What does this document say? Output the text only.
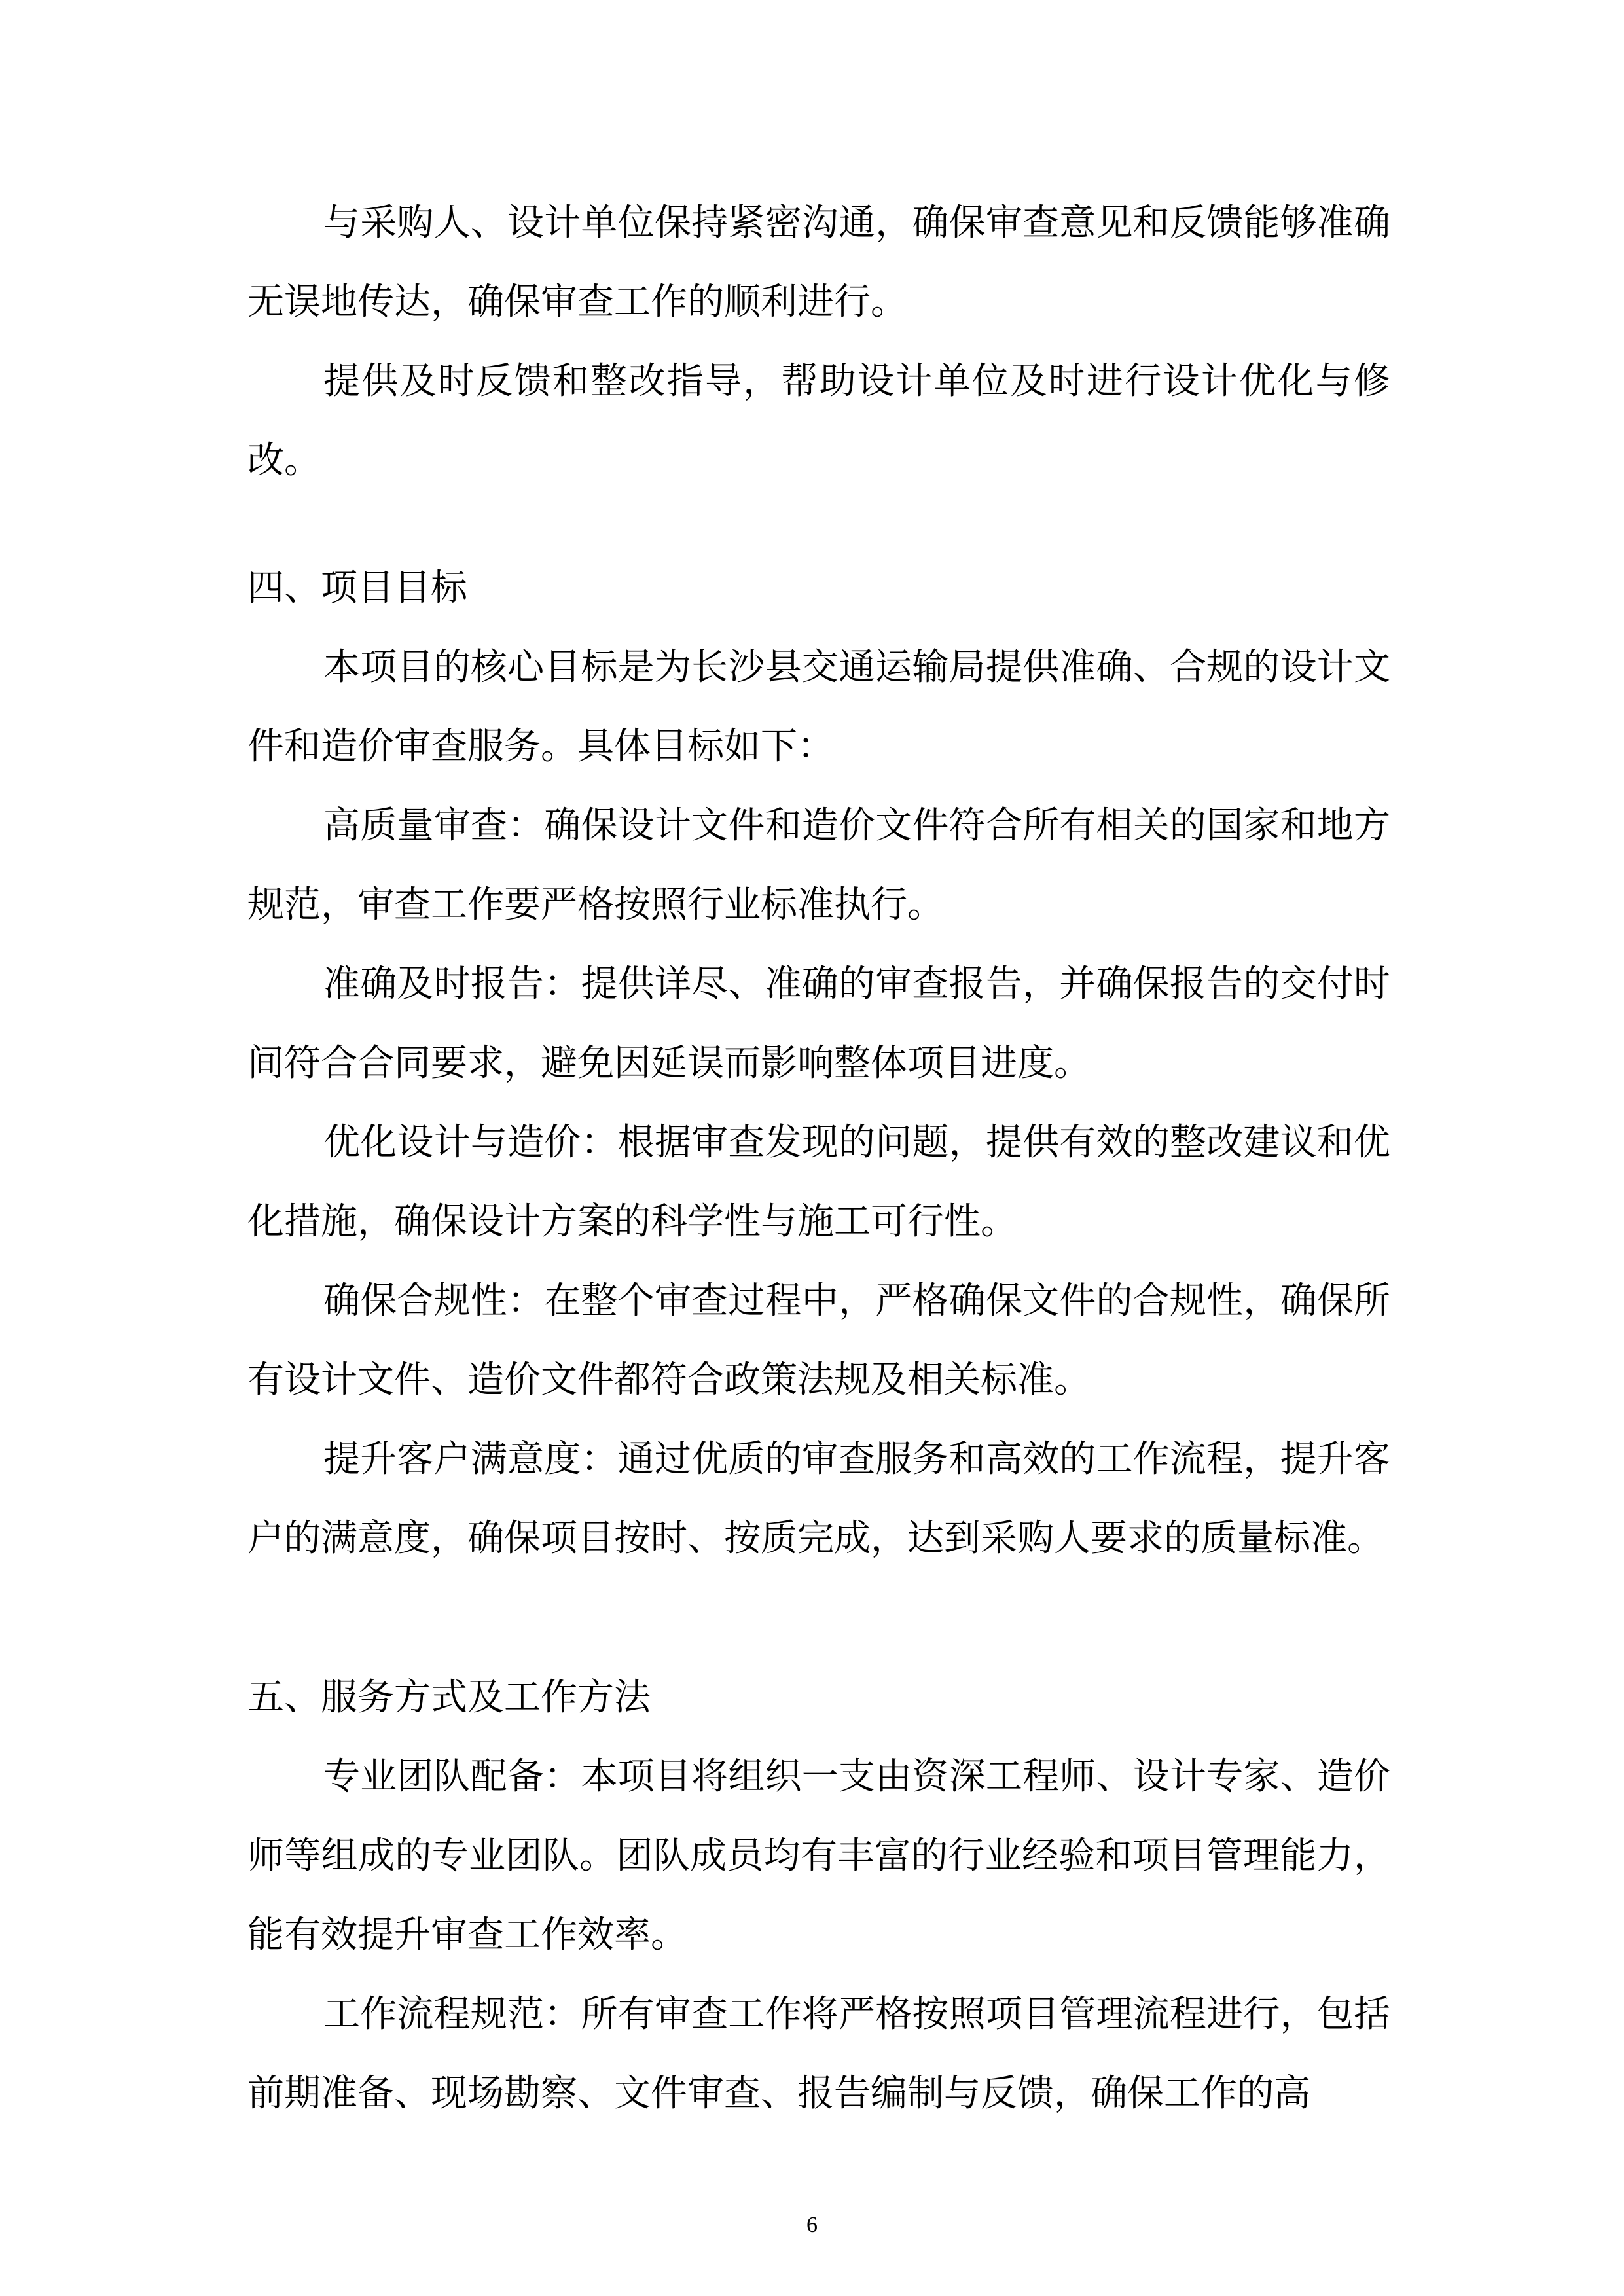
与采购人、设计单位保持紧密沟通，确保审查意见和反馈能够准确无误地传达，确保审查工作的顺利进行。

提供及时反馈和整改指导，帮助设计单位及时进行设计优化与修改。

四、项目目标

本项目的核心目标是为长沙县交通运输局提供准确、合规的设计文件和造价审查服务。具体目标如下：

高质量审查：确保设计文件和造价文件符合所有相关的国家和地方规范，审查工作要严格按照行业标准执行。

准确及时报告：提供详尽、准确的审查报告，并确保报告的交付时间符合合同要求，避免因延误而影响整体项目进度。

优化设计与造价：根据审查发现的问题，提供有效的整改建议和优化措施，确保设计方案的科学性与施工可行性。

确保合规性：在整个审查过程中，严格确保文件的合规性，确保所有设计文件、造价文件都符合政策法规及相关标准。

提升客户满意度：通过优质的审查服务和高效的工作流程，提升客户的满意度，确保项目按时、按质完成，达到采购人要求的质量标准。

五、服务方式及工作方法

专业团队配备：本项目将组织一支由资深工程师、设计专家、造价师等组成的专业团队。团队成员均有丰富的行业经验和项目管理能力，能有效提升审查工作效率。

工作流程规范：所有审查工作将严格按照项目管理流程进行，包括前期准备、现场勘察、文件审查、报告编制与反馈，确保工作的高

6
